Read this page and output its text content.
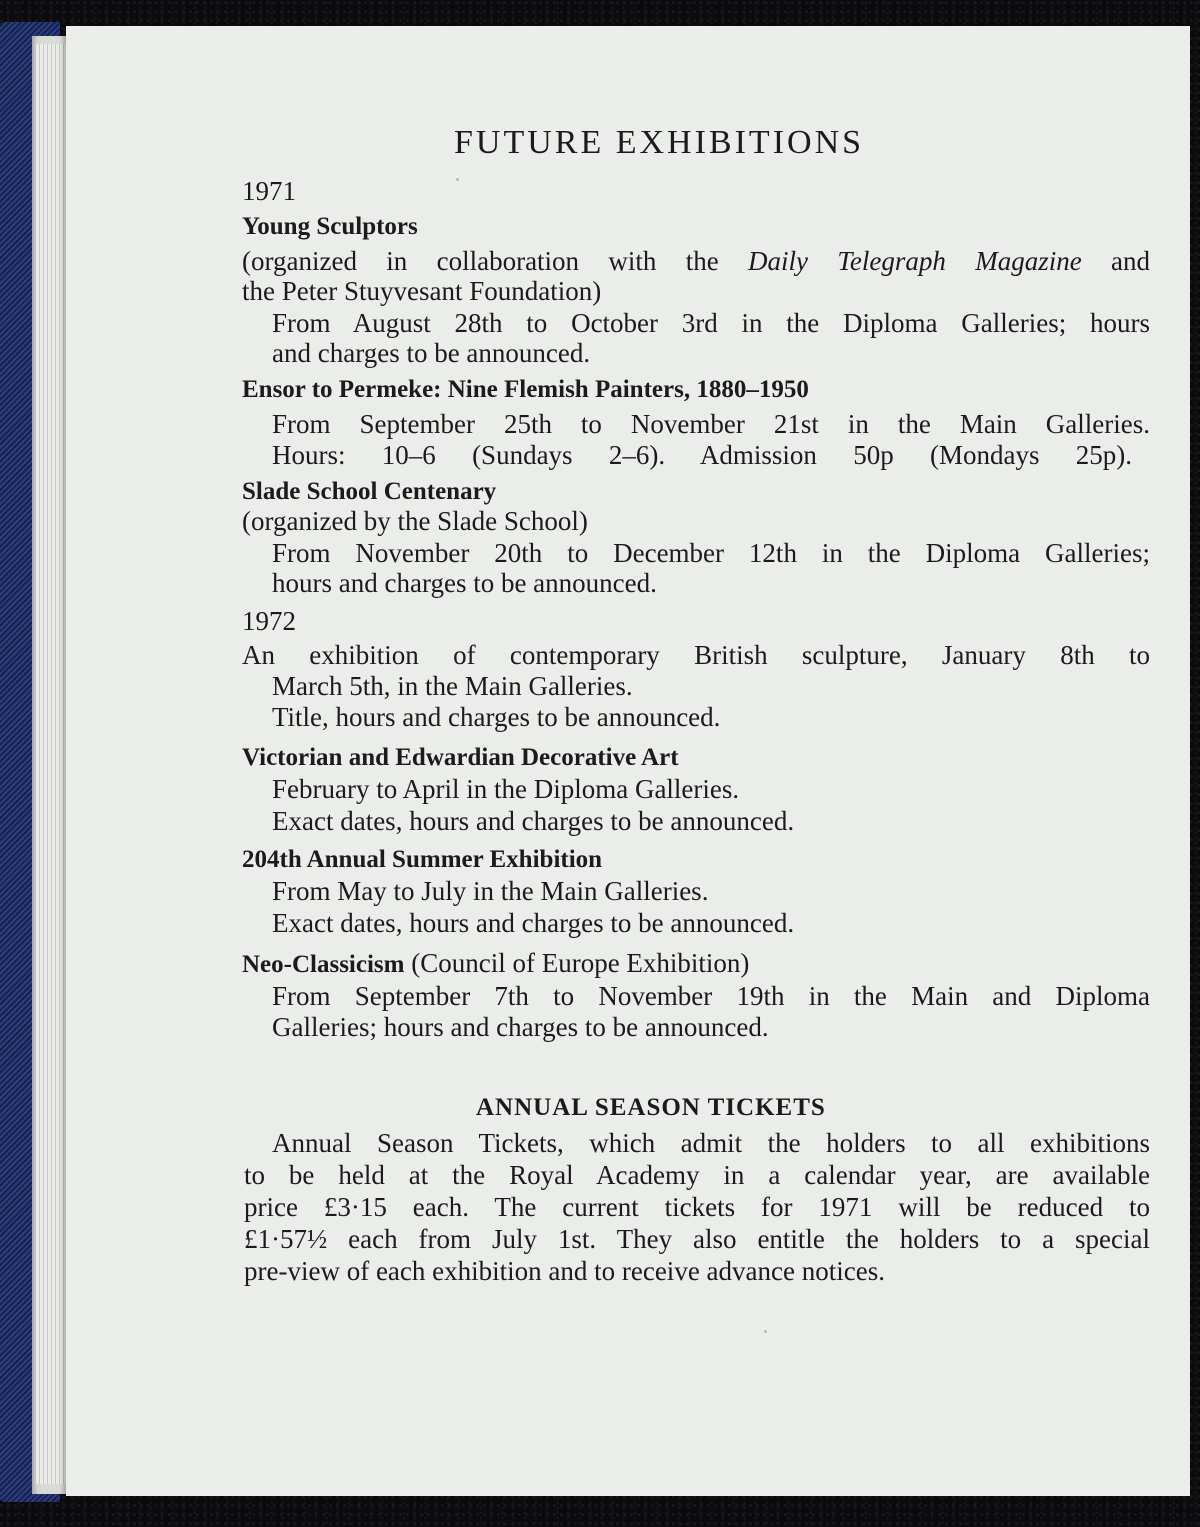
FUTURE EXHIBITIONS

1971

Young Sculptors

(organized in collaboration with the Daily Telegraph Magazine and

the Peter Stuyvesant Foundation)

From August 28th to October 3rd in the Diploma Galleries; hours

and charges to be announced.

Ensor to Permeke: Nine Flemish Painters, 1880–1950

From September 25th to November 21st in the Main Galleries.

Hours: 10–6 (Sundays 2–6). Admission 50p (Mondays 25p).

Slade School Centenary

(organized by the Slade School)

From November 20th to December 12th in the Diploma Galleries;

hours and charges to be announced.

1972

An exhibition of contemporary British sculpture, January 8th to

March 5th, in the Main Galleries.

Title, hours and charges to be announced.

Victorian and Edwardian Decorative Art

February to April in the Diploma Galleries.

Exact dates, hours and charges to be announced.

204th Annual Summer Exhibition

From May to July in the Main Galleries.

Exact dates, hours and charges to be announced.

Neo-Classicism (Council of Europe Exhibition)

From September 7th to November 19th in the Main and Diploma

Galleries; hours and charges to be announced.

ANNUAL SEASON TICKETS

Annual Season Tickets, which admit the holders to all exhibitions

to be held at the Royal Academy in a calendar year, are available

price £3·15 each. The current tickets for 1971 will be reduced to

£1·57½ each from July 1st. They also entitle the holders to a special

pre-view of each exhibition and to receive advance notices.
